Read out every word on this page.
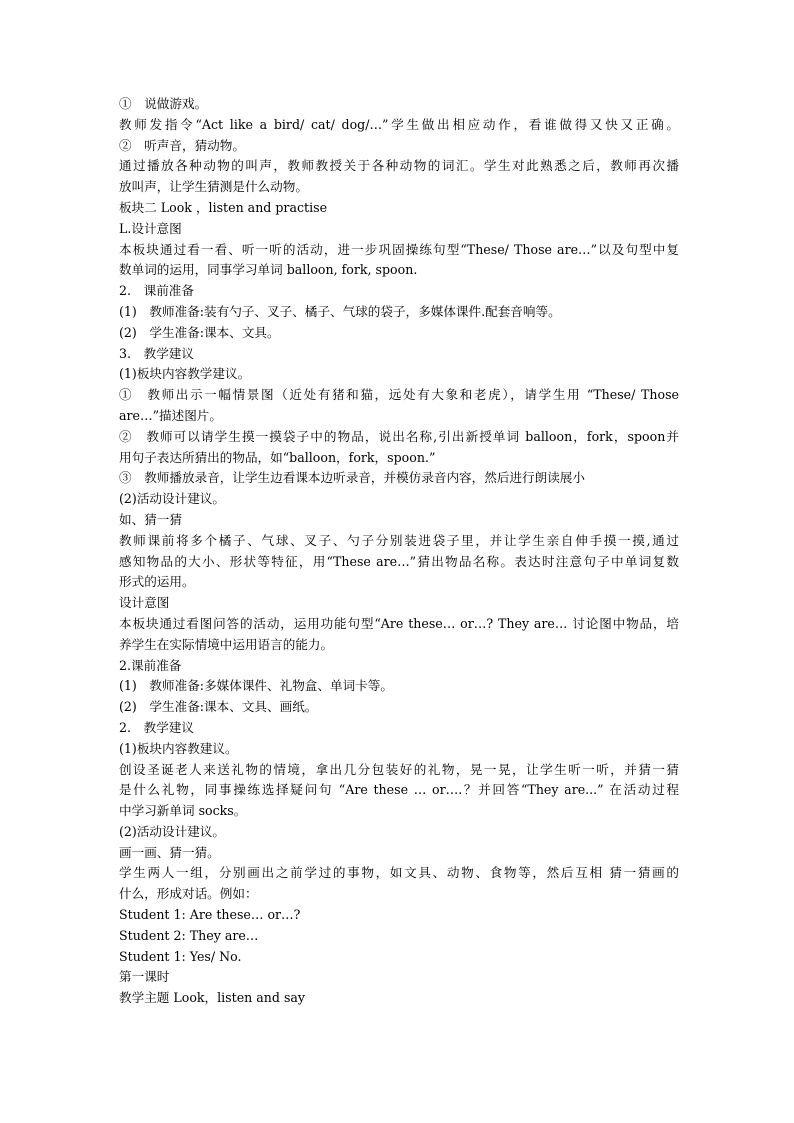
①　说做游戏。
教师发指令“Act like a bird/ cat/ dog/…”学生做出相应动作，看谁做得又快又正确。
②　听声音，猜动物。
通过播放各种动物的叫声，教师教授关于各种动物的词汇。学生对此熟悉之后，教师再次播
放叫声，让学生猜测是什么动物。
板块二 Look ，listen and practise
L.设计意图
本板块通过看一看、听一听的活动，进一步巩固操练句型“These/ Those are…”以及句型中复
数单词的运用，同事学习单词 balloon, fork, spoon.
2.　课前准备
(1)　教师准备:装有勺子、叉子、橘子、气球的袋子，多媒体课件.配套音响等。
(2)　学生准备:课本、文具。
3.　教学建议
(1)板块内容教学建议。
①　教师出示一幅情景图（近处有猪和猫，远处有大象和老虎），请学生用 “These/ Those
are…”描述图片。
②　教师可以请学生摸一摸袋子中的物品，说出名称,引出新授单词 balloon，fork，spoon并
用句子表达所猜出的物品，如“balloon，fork，spoon.”
③　教师播放录音，让学生边看课本边听录音，并模仿录音内容，然后进行朗读展小
(2)活动设计建议。
如、猜一猜
教师课前将多个橘子、气球、叉子、勺子分别装进袋子里，并让学生亲自伸手摸一摸,通过
感知物品的大小、形状等特征，用“These are…”猜出物品名称。表达时注意句子中单词复数
形式的运用。
设计意图
本板块通过看图问答的活动，运用功能句型“Are these… or…? They are… 讨论图中物品，培
养学生在实际情境中运用语言的能力。
2.课前准备
(1)　教师准备:多媒体课件、礼物盒、单词卡等。
(2)　学生准备:课本、文具、画纸。
2.　教学建议
(1)板块内容教建议。
创设圣诞老人来送礼物的情境，拿出几分包装好的礼物，晃一晃，让学生听一听，并猜一猜
是什么礼物，同事操练选择疑问句 “Are these … or….？并回答“They are...” 在活动过程
中学习新单词 socks。
(2)活动设计建议。
画一画、猜一猜。
学生两人一组，分别画出之前学过的事物，如文具、动物、食物等，然后互相 猜一猜画的
什么，形成对话。例如：
Student 1: Are these… or…?
Student 2: They are…
Student 1: Yes/ No.
第一课时
教学主题 Look，listen and say
